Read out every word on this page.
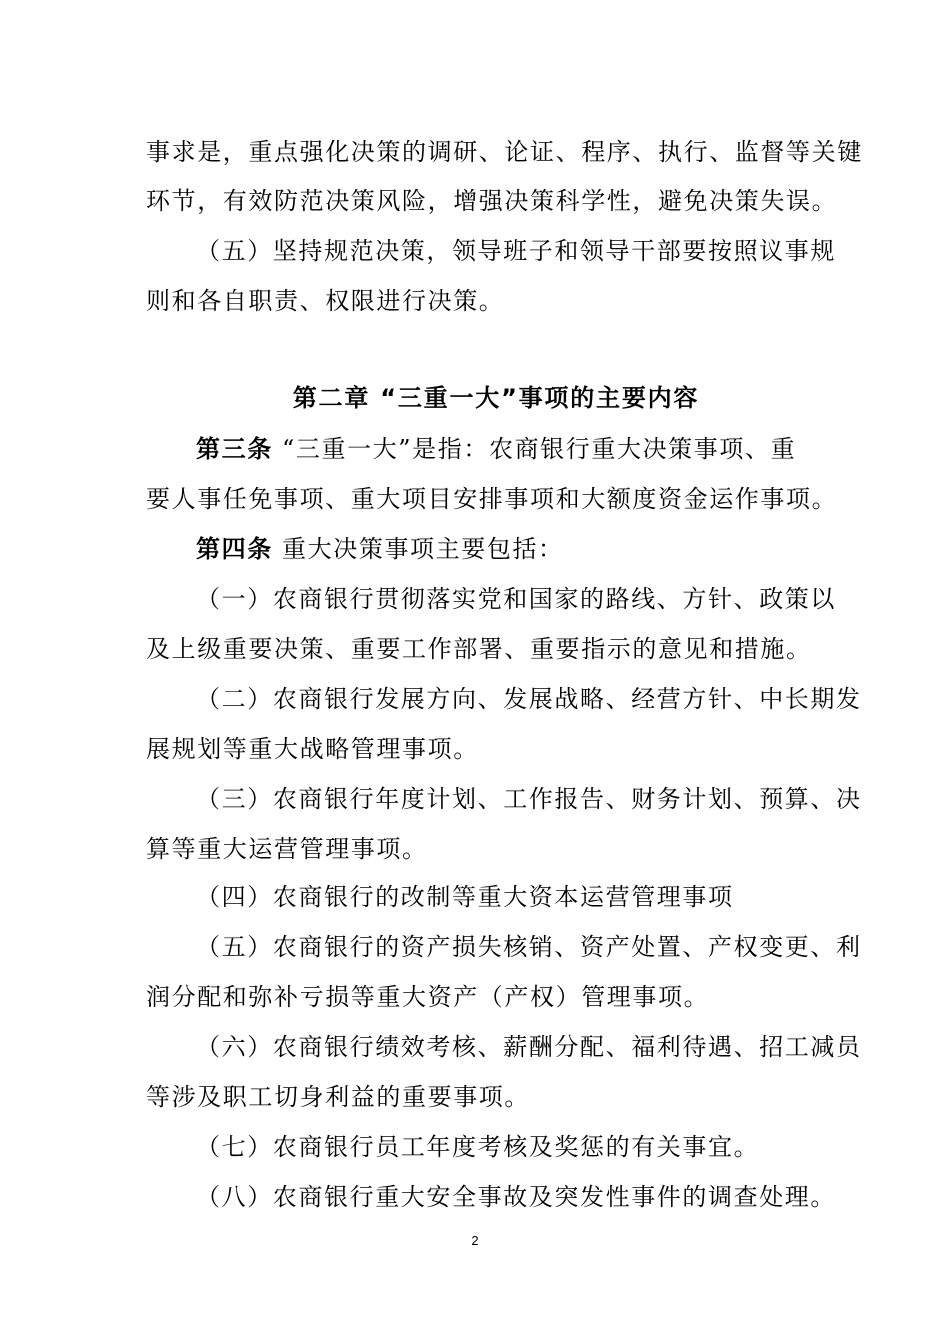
事求是，重点强化决策的调研、论证、程序、执行、监督等关键
环节，有效防范决策风险，增强决策科学性，避免决策失误。
（五）坚持规范决策，领导班子和领导干部要按照议事规
则和各自职责、权限进行决策。
第二章 “三重一大”事项的主要内容
第三条 “三重一大”是指：农商银行重大决策事项、重
要人事任免事项、重大项目安排事项和大额度资金运作事项。
第四条 重大决策事项主要包括：
（一）农商银行贯彻落实党和国家的路线、方针、政策以
及上级重要决策、重要工作部署、重要指示的意见和措施。
（二）农商银行发展方向、发展战略、经营方针、中长期发
展规划等重大战略管理事项。
（三）农商银行年度计划、工作报告、财务计划、预算、决
算等重大运营管理事项。
（四）农商银行的改制等重大资本运营管理事项
（五）农商银行的资产损失核销、资产处置、产权变更、利
润分配和弥补亏损等重大资产（产权）管理事项。
（六）农商银行绩效考核、薪酬分配、福利待遇、招工减员
等涉及职工切身利益的重要事项。
（七）农商银行员工年度考核及奖惩的有关事宜。
（八）农商银行重大安全事故及突发性事件的调查处理。
2
